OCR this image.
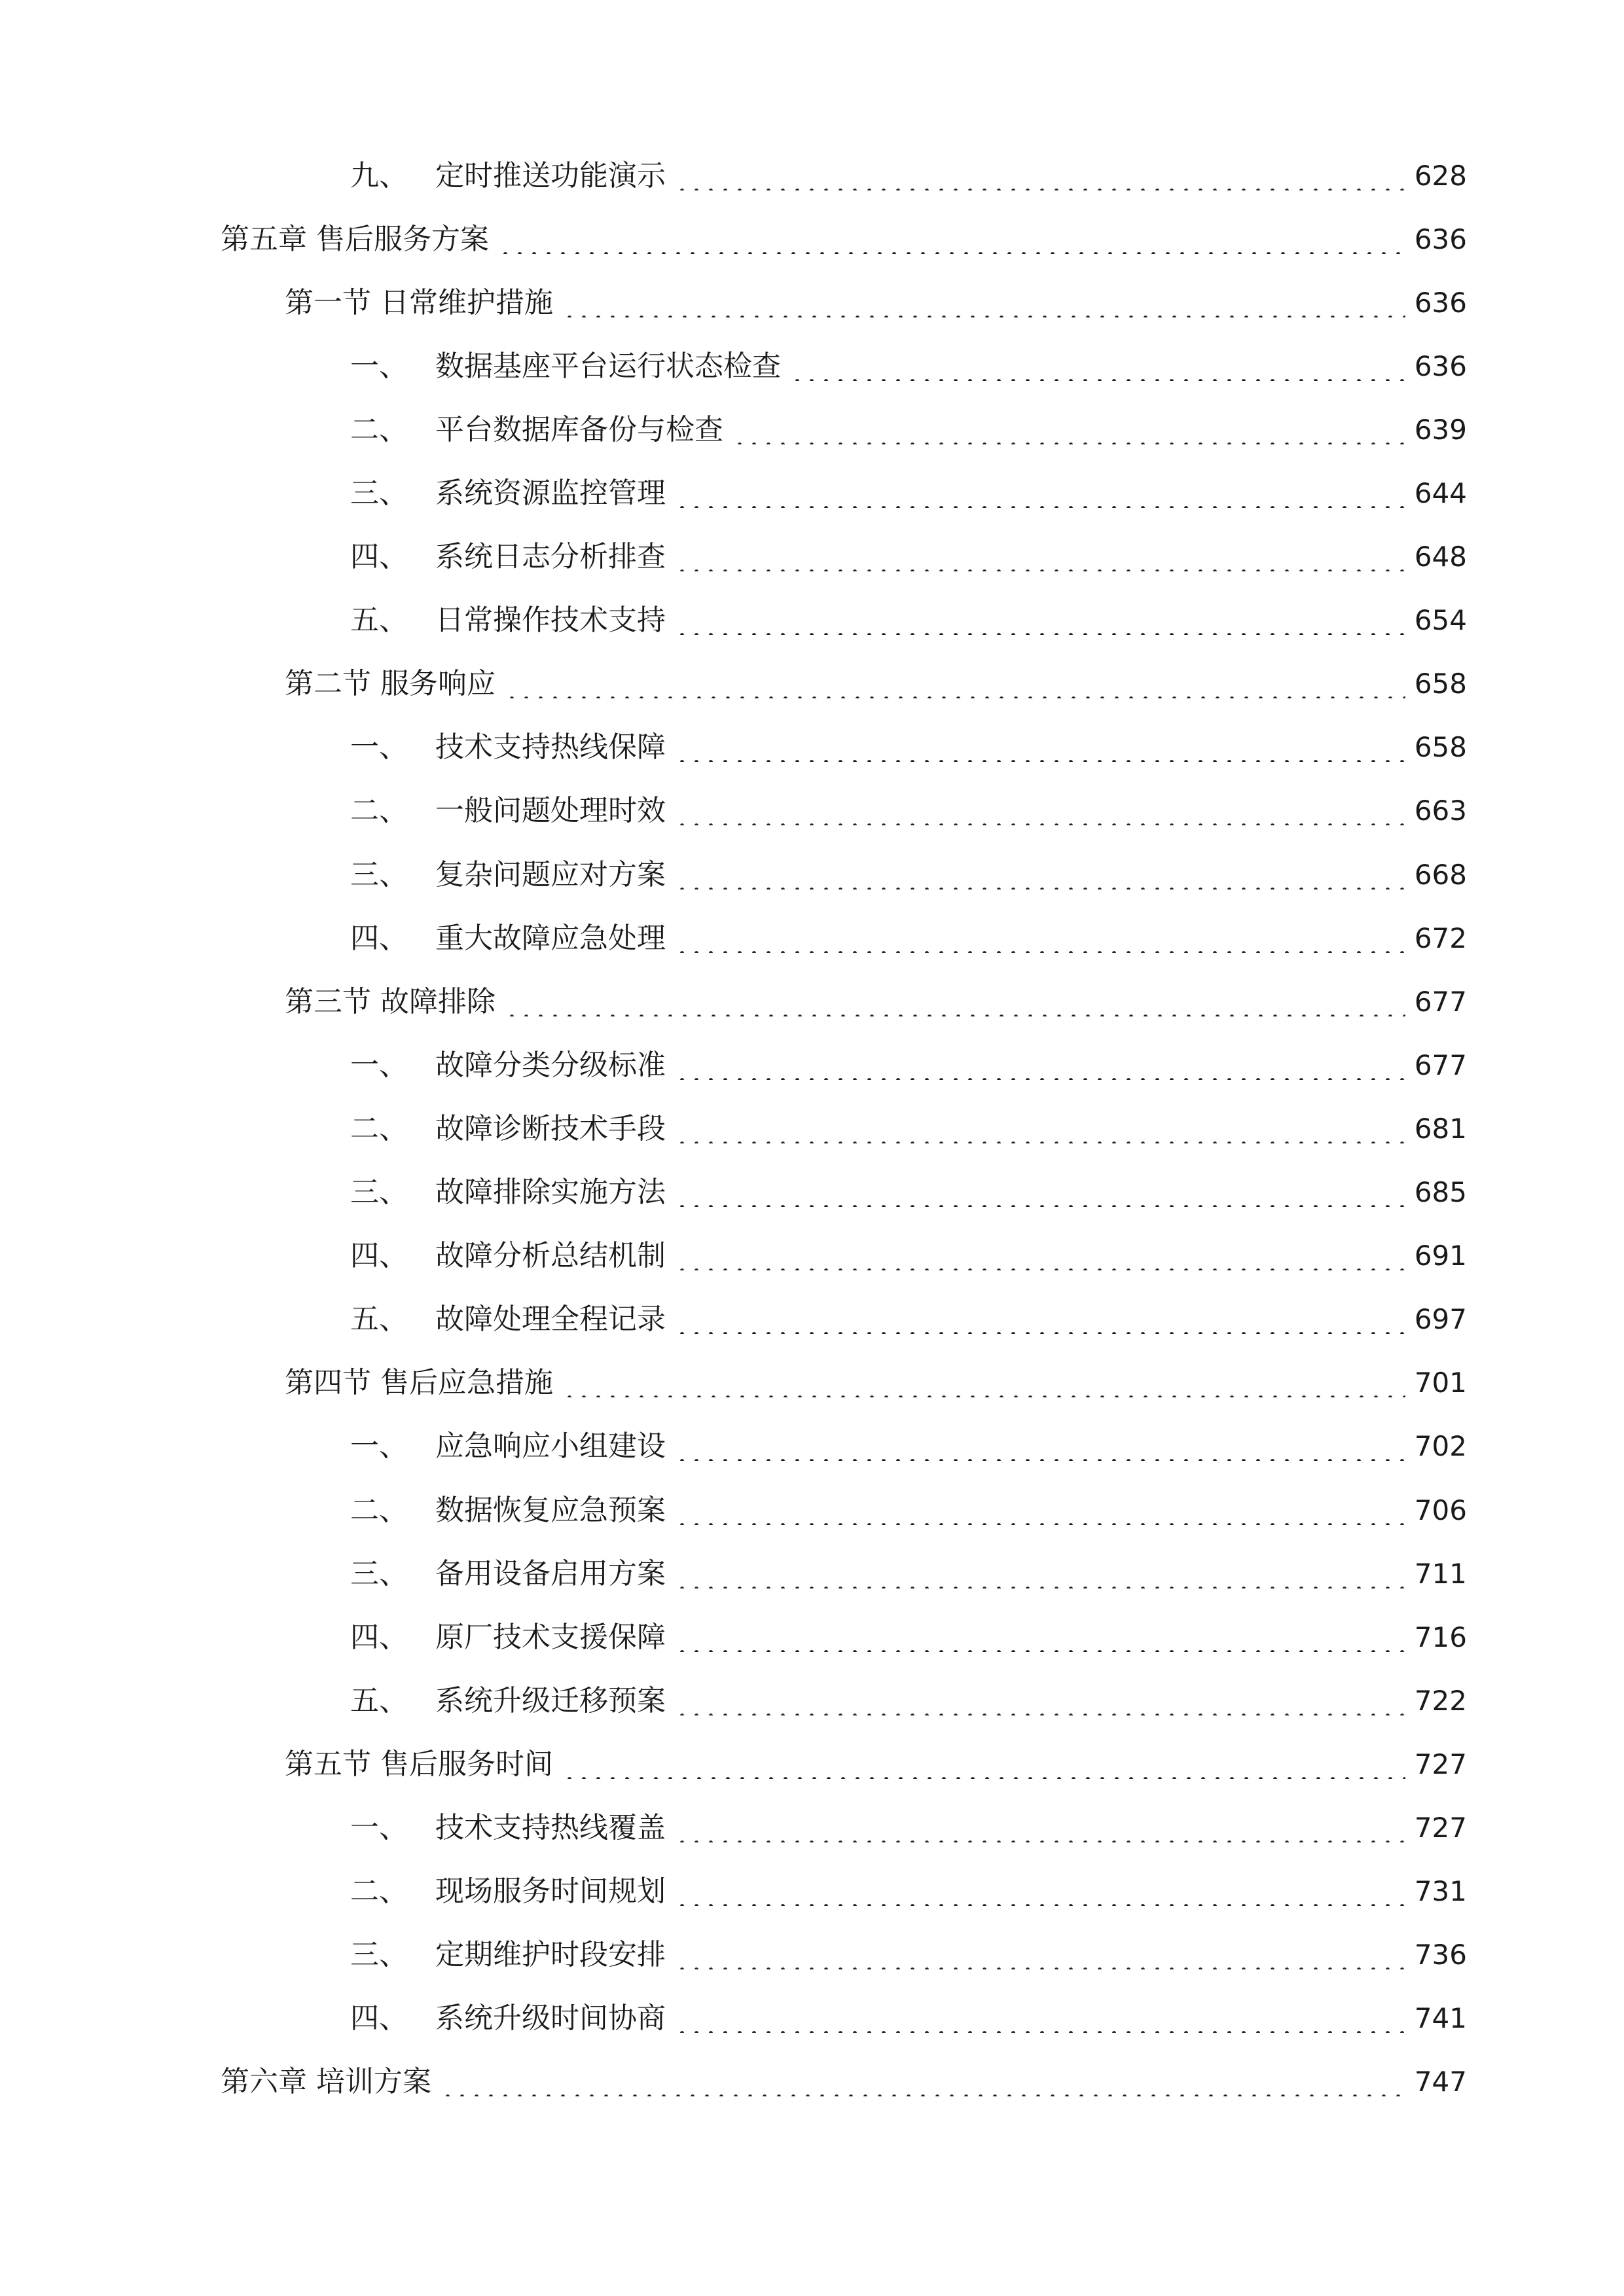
九、 定时推送功能演示	628
第五章 售后服务方案	636
第一节 日常维护措施	636
一、 数据基座平台运行状态检查	636
二、 平台数据库备份与检查	639
三、 系统资源监控管理	644
四、 系统日志分析排查	648
五、 日常操作技术支持	654
第二节 服务响应	658
一、 技术支持热线保障	658
二、 一般问题处理时效	663
三、 复杂问题应对方案	668
四、 重大故障应急处理	672
第三节 故障排除	677
一、 故障分类分级标准	677
二、 故障诊断技术手段	681
三、 故障排除实施方法	685
四、 故障分析总结机制	691
五、 故障处理全程记录	697
第四节 售后应急措施	701
一、 应急响应小组建设	702
二、 数据恢复应急预案	706
三、 备用设备启用方案	711
四、 原厂技术支援保障	716
五、 系统升级迁移预案	722
第五节 售后服务时间	727
一、 技术支持热线覆盖	727
二、 现场服务时间规划	731
三、 定期维护时段安排	736
四、 系统升级时间协商	741
第六章 培训方案	747
